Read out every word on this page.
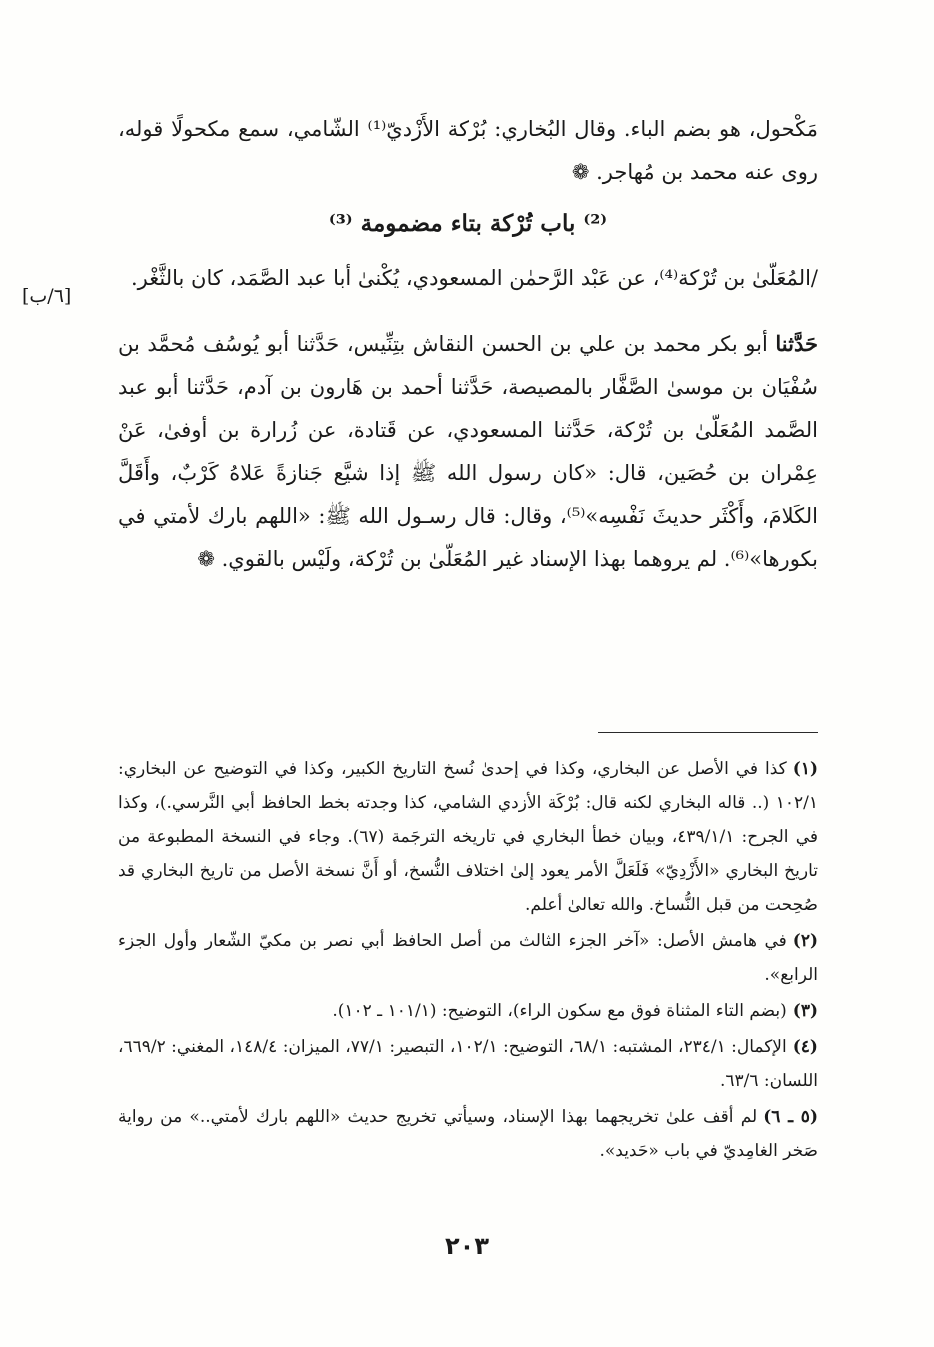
[٦/ب]

مَكْحول، هو بضم الباء. وقال البُخاري: بُرْكة الأَزْديّ⁽¹⁾ الشّامي، سمع مكحولًا قوله، روى عنه محمد بن مُهاجر. ❁

⁽²⁾ باب تُرْكة بتاء مضمومة ⁽³⁾

/المُعَلّىٰ بن تُرْكة⁽⁴⁾، عن عَبْد الرَّحمٰن المسعودي، يُكْنىٰ أبا عبد الصَّمَد، كان بالثَّغْر.

حَدَّثنا أبو بكر محمد بن علي بن الحسن النقاش بتِنِّيس، حَدَّثنا أبو يُوسُف مُحمَّد بن سُفْيَان بن موسىٰ الصَّفَّار بالمصيصة، حَدَّثنا أحمد بن هَارون بن آدم، حَدَّثنا أبو عبد الصَّمد المُعَلّىٰ بن تُرْكة، حَدَّثنا المسعودي، عن قَتادة، عن زُرارة بن أوفىٰ، عَنْ عِمْران بن حُصَين، قال: «كان رسول الله ﷺ إذا شيَّع جَنازةً عَلاهُ كَرْبٌ، وأَقَلَّ الكَلامَ، وأَكْثَر حديثَ نَفْسِه»⁽⁵⁾، وقال: قال رسـول الله ﷺ: «اللهم بارك لأمتي في بكورها»⁽⁶⁾. لم يروهما بهذا الإسناد غير المُعَلّىٰ بن تُرْكة، ولَيْس بالقوي. ❁

(١)كذا في الأصل عن البخاري، وكذا في إحدىٰ نُسخ التاريخ الكبير، وكذا في التوضيح عن البخاري: ١٠٢/١ (.. قاله البخاري لكنه قال: بُرْكَة الأزدي الشامي، كذا وجدته بخط الحافظ أبي النَّرسي.)، وكذا في الجرح: ٤٣٩/١/١، وبيان خطأ البخاري في تاريخه الترجَمة (٦٧). وجاء في النسخة المطبوعة من تاريخ البخاري «الأَزْدِيّ» فَلَعَلَّ الأمر يعود إلىٰ اختلاف النُّسخ، أو أَنَّ نسخة الأصل من تاريخ البخاري قد صُحِحت من قبل النُّساخ. والله تعالىٰ أعلم.

(٢)في هامش الأصل: «آخر الجزء الثالث من أصل الحافظ أبي نصر بن مكيّ الشّعار وأول الجزء الرابع».

(٣)(بضم التاء المثناة فوق مع سكون الراء)، التوضيح: (١٠١/١ ـ ١٠٢).

(٤)الإكمال: ٢٣٤/١، المشتبه: ٦٨/١، التوضيح: ١٠٢/١، التبصير: ٧٧/١، الميزان: ١٤٨/٤، المغني: ٦٦٩/٢، اللسان: ٦٣/٦.

(٥ ـ ٦)لم أقف علىٰ تخريجهما بهذا الإسناد، وسيأتي تخريج حديث «اللهم بارك لأمتي..» من رواية صَخر الغامِديّ في باب «حَديد».

٢٠٣
